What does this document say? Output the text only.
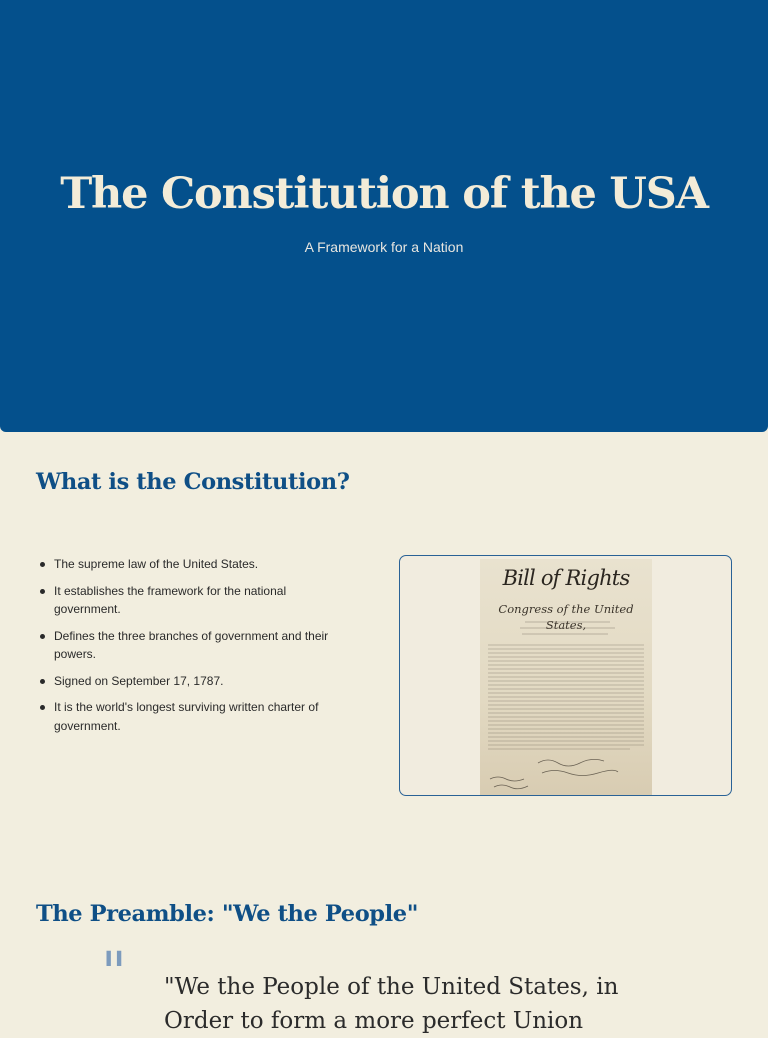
The Constitution of the USA
A Framework for a Nation
What is the Constitution?
The supreme law of the United States.
It establishes the framework for the national government.
Defines the three branches of government and their powers.
Signed on September 17, 1787.
It is the world's longest surviving written charter of government.
Bill of Rights
Congress of the United States,
The Preamble: "We the People"
" "We the People of the United States, in Order to form a more perfect Union
